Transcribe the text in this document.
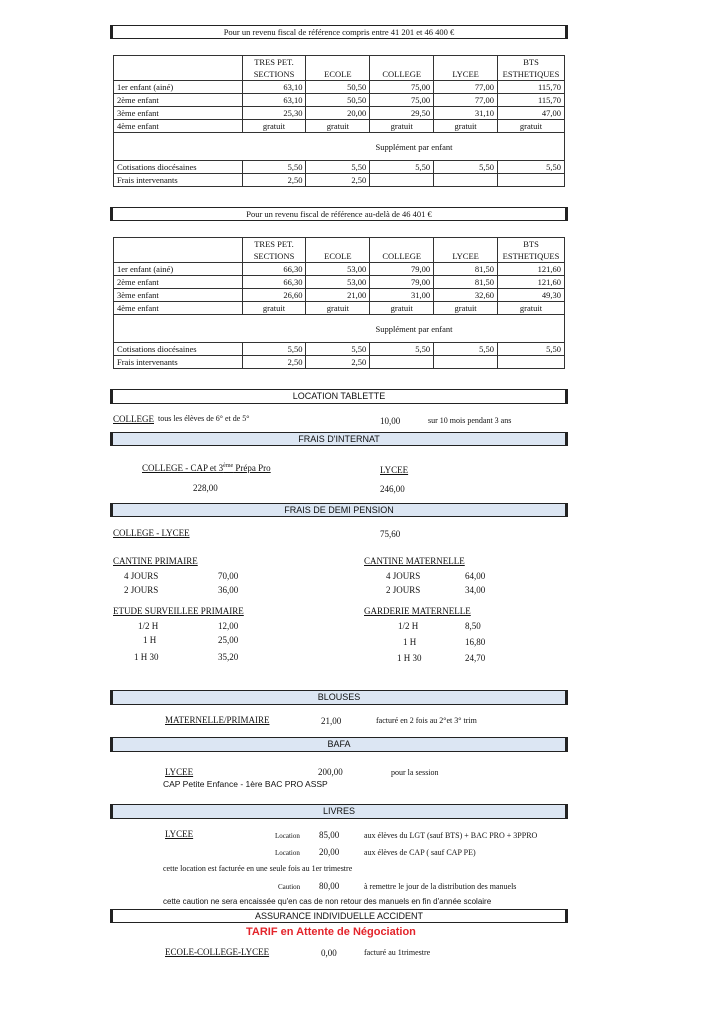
Pour un revenu fiscal de référence compris entre 41 201 et 46 400 €
	TRES PET.
SECTIONS	ECOLE	COLLEGE	LYCEE	BTS
ESTHETIQUES
1er enfant (ainé)	63,10	50,50	75,00	77,00	115,70
2ème enfant	63,10	50,50	75,00	77,00	115,70
3ème enfant	25,30	20,00	29,50	31,10	47,00
4ème enfant	gratuit	gratuit	gratuit	gratuit	gratuit
Supplément par enfant					
Cotisations diocésaines	5,50	5,50	5,50	5,50	5,50
Frais intervenants	2,50	2,50			
Pour un revenu fiscal de référence au-delà de 46 401 €
	TRES PET.
SECTIONS	ECOLE	COLLEGE	LYCEE	BTS
ESTHETIQUES
1er enfant (ainé)	66,30	53,00	79,00	81,50	121,60
2ème enfant	66,30	53,00	79,00	81,50	121,60
3ème enfant	26,60	21,00	31,00	32,60	49,30
4ème enfant	gratuit	gratuit	gratuit	gratuit	gratuit
Supplément par enfant					
Cotisations diocésaines	5,50	5,50	5,50	5,50	5,50
Frais intervenants	2,50	2,50			
LOCATION TABLETTE
COLLEGE tous les élèves de 6° et de 5°	10,00	sur 10 mois pendant 3 ans
FRAIS D'INTERNAT
COLLEGE - CAP et 3ème Prépa Pro
228,00
LYCEE
246,00
FRAIS DE DEMI PENSION
COLLEGE - LYCEE	75,60
CANTINE PRIMAIRE
4 JOURS	70,00
2 JOURS	36,00
CANTINE MATERNELLE
4 JOURS	64,00
2 JOURS	34,00
ETUDE SURVEILLEE PRIMAIRE
1/2 H	12,00
1 H	25,00
1 H 30	35,20
GARDERIE MATERNELLE
1/2 H	8,50
1 H	16,80
1 H 30	24,70
BLOUSES
MATERNELLE/PRIMAIRE	21,00	facturé en 2 fois au 2°et 3° trim
BAFA
LYCEE	200,00	pour la session
CAP Petite Enfance - 1ère BAC PRO ASSP
LIVRES
LYCEE	Location 85,00	aux élèves du LGT (sauf BTS) + BAC PRO + 3PPRO
Location 20,00	aux élèves de CAP ( sauf CAP PE)
cette location est facturée en une seule fois au 1er trimestre
Caution 80,00	à remettre le jour de la distribution des manuels
cette caution ne sera encaissée qu'en cas de non retour des manuels en fin d'année scolaire
ASSURANCE INDIVIDUELLE ACCIDENT
TARIF en Attente de Négociation
ECOLE-COLLEGE-LYCEE	0,00	facturé au 1trimestre
